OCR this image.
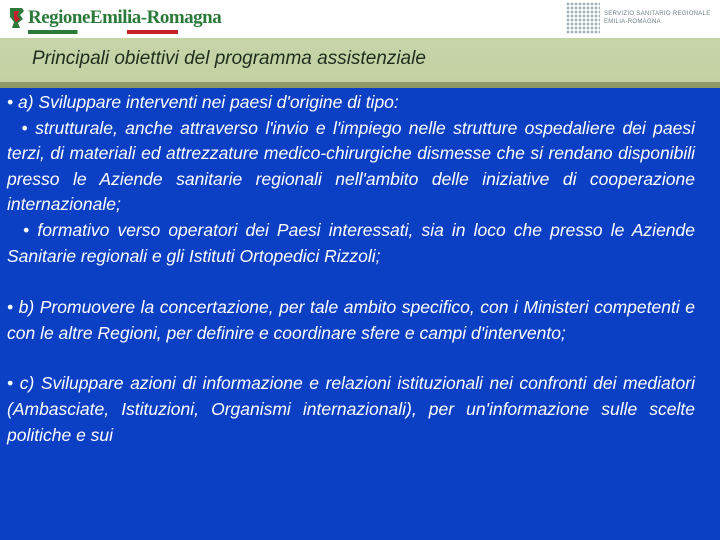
RegioneEmilia-Romagna	SERVIZIO SANITARIO REGIONALE
EMILIA-ROMAGNA
Principali obiettivi del programma assistenziale

• a) Sviluppare interventi nei paesi d'origine di tipo:

• strutturale, anche attraverso l'invio e l'impiego nelle strutture ospedaliere dei paesi terzi, di materiali ed attrezzature medico-chirurgiche dismesse che si rendano disponibili presso le Aziende sanitarie regionali nell'ambito delle iniziative di cooperazione internazionale;

• formativo verso operatori dei Paesi interessati, sia in loco che presso le Aziende Sanitarie regionali e gli Istituti Ortopedici Rizzoli;

• b) Promuovere la concertazione, per tale ambito specifico, con i Ministeri competenti e con le altre Regioni, per definire e coordinare sfere e campi d'intervento;

• c) Sviluppare azioni di informazione e relazioni istituzionali nei confronti dei mediatori (Ambasciate, Istituzioni, Organismi internazionali), per un'informazione sulle scelte politiche e sui
